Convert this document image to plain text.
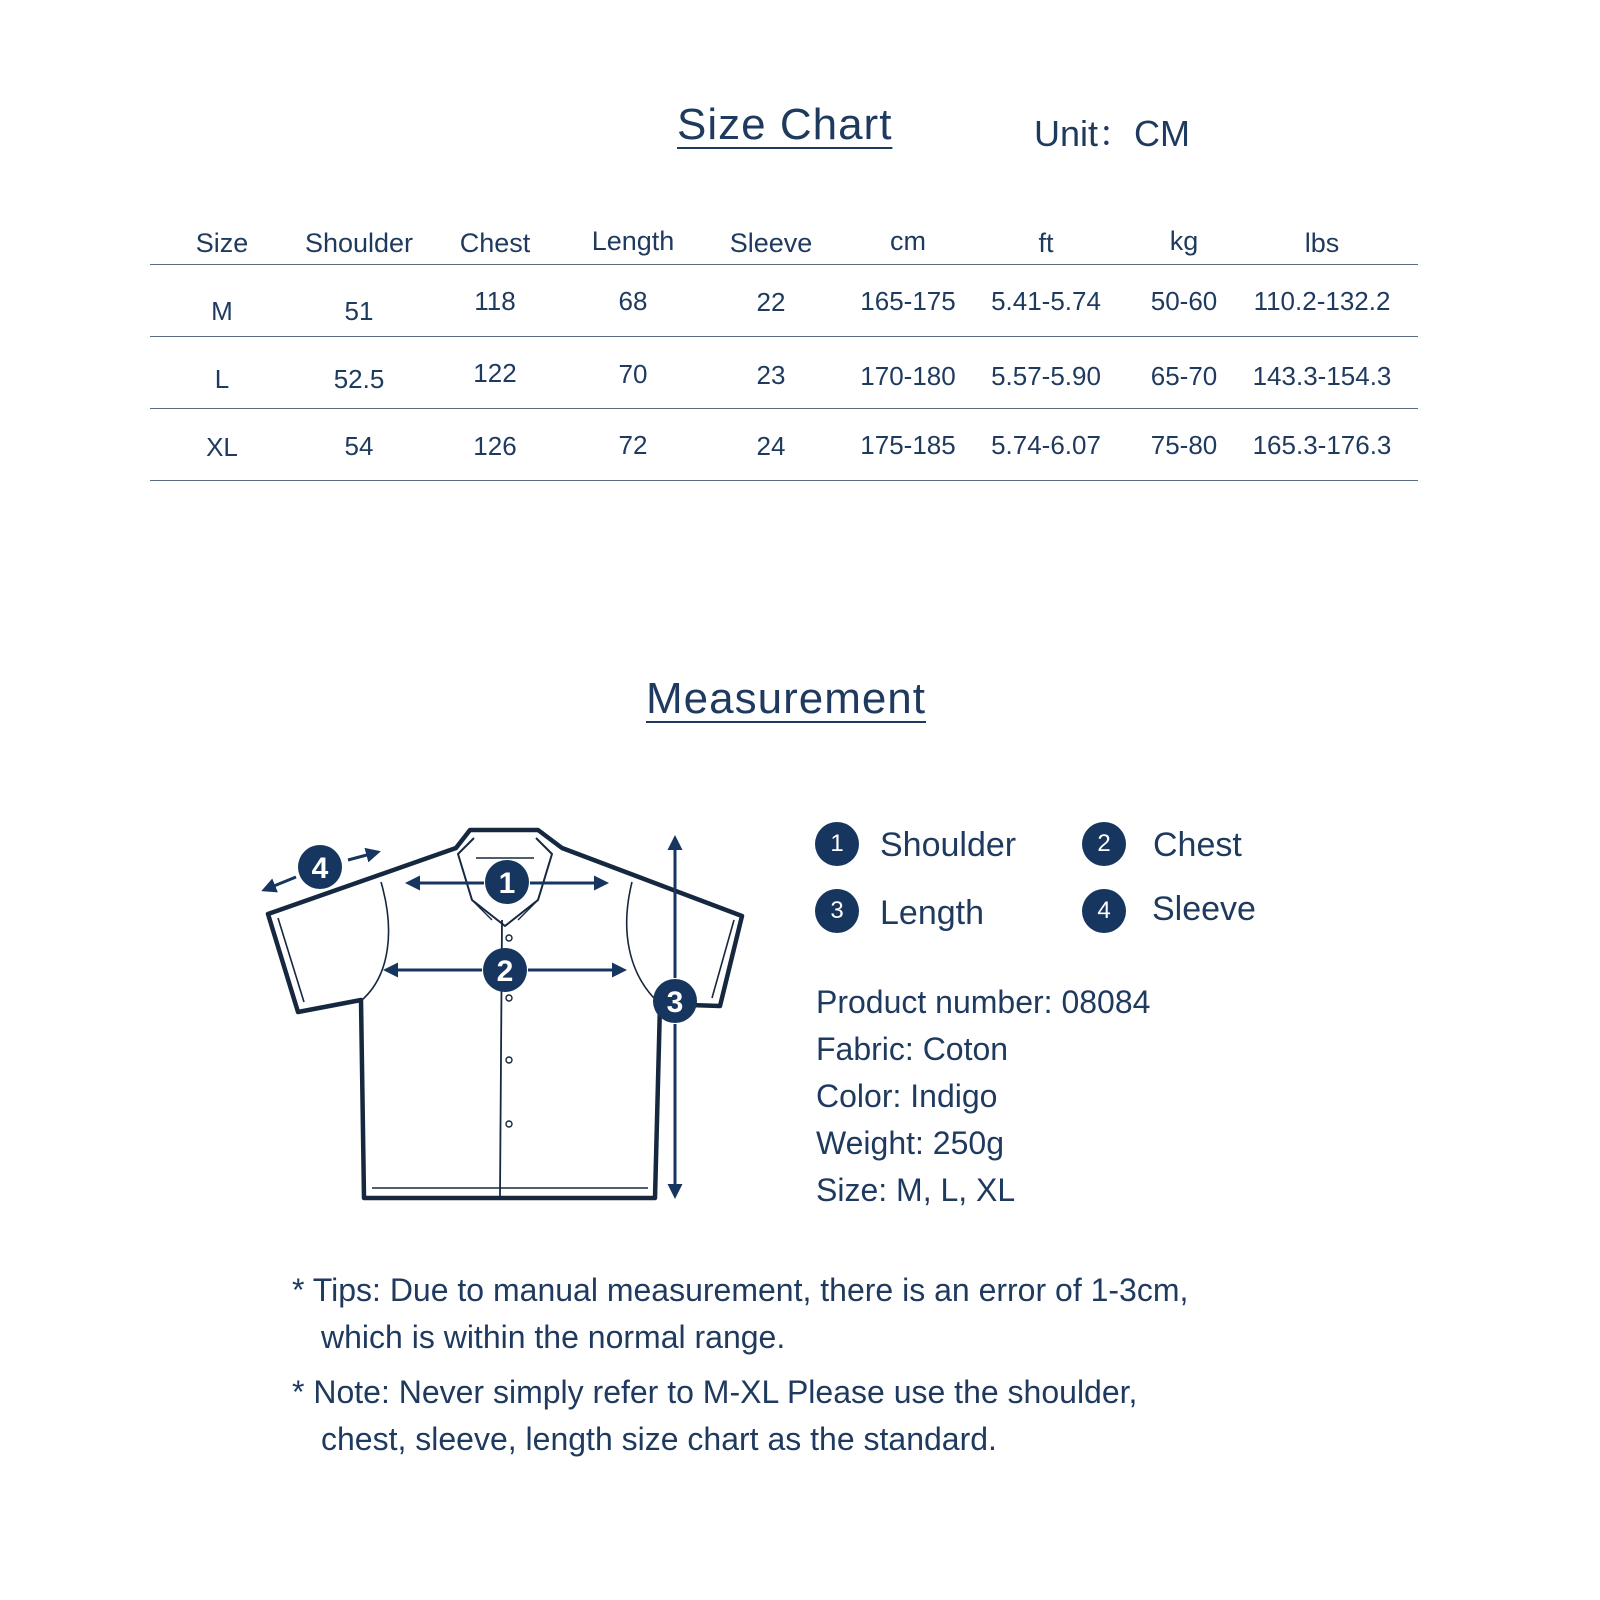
Size Chart	Unit：CM
Size	Shoulder	Chest	Length	Sleeve	cm	ft	kg	lbs
M	51	118	68	22	165-175	5.41-5.74	50-60	110.2-132.2
L	52.5	122	70	23	170-180	5.57-5.90	65-70	143.3-154.3
XL	54	126	72	24	175-185	5.74-6.07	75-80	165.3-176.3
Measurement
1
2
3
4
1	Shoulder	2	Chest
3	Length	4	Sleeve
Product number: 08084
Fabric: Coton
Color: Indigo
Weight: 250g
Size: M, L, XL
* Tips: Due to manual measurement, there is an error of 1-3cm,
which is within the normal range.
* Note: Never simply refer to M-XL Please use the shoulder,
chest, sleeve, length size chart as the standard.
